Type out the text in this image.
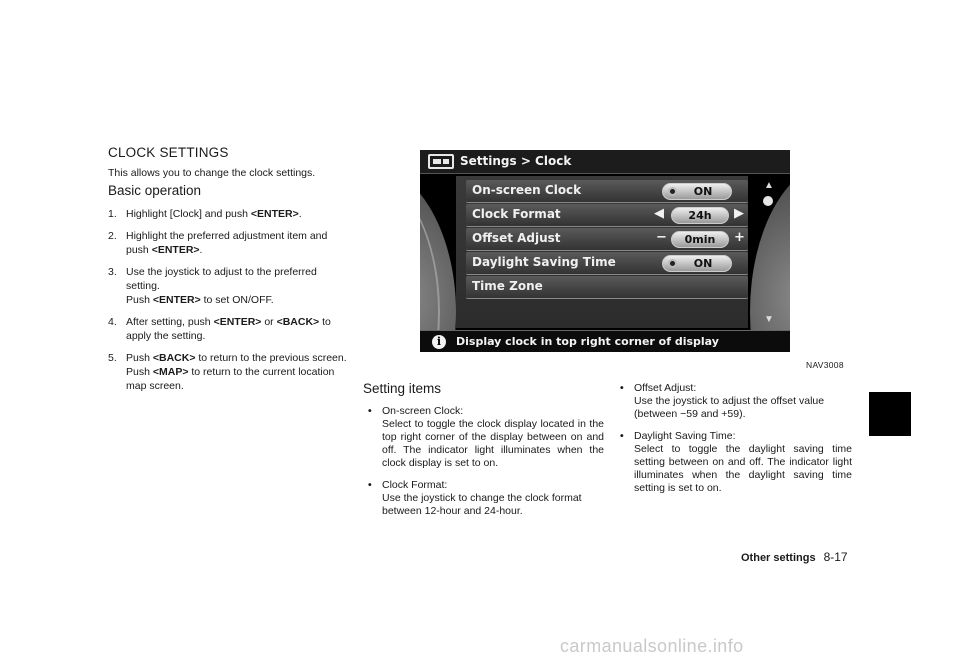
CLOCK SETTINGS
This allows you to change the clock settings.
Basic operation
1. Highlight [Clock] and push <ENTER>.
2. Highlight the preferred adjustment item and push <ENTER>.
3. Use the joystick to adjust to the preferred setting.
Push <ENTER> to set ON/OFF.
4. After setting, push <ENTER> or <BACK> to apply the setting.
5. Push <BACK> to return to the previous screen. Push <MAP> to return to the current location map screen.
Settings > Clock
On-screen Clock	ON
Clock Format	◀	24h	▶
Offset Adjust	−	0min	+
Daylight Saving Time	ON
Time Zone
▲
▼
i	Display clock in top right corner of display
NAV3008
Setting items
• On-screen Clock:
Select to toggle the clock display located in the top right corner of the display between on and off. The indicator light illuminates when the clock display is set to on.
• Clock Format:
Use the joystick to change the clock format between 12-hour and 24-hour.
• Offset Adjust:
Use the joystick to adjust the offset value (between −59 and +59).
• Daylight Saving Time:
Select to toggle the daylight saving time setting between on and off. The indicator light illuminates when the daylight saving time setting is set to on.
Other settings 8-17
carmanualsonline.info
